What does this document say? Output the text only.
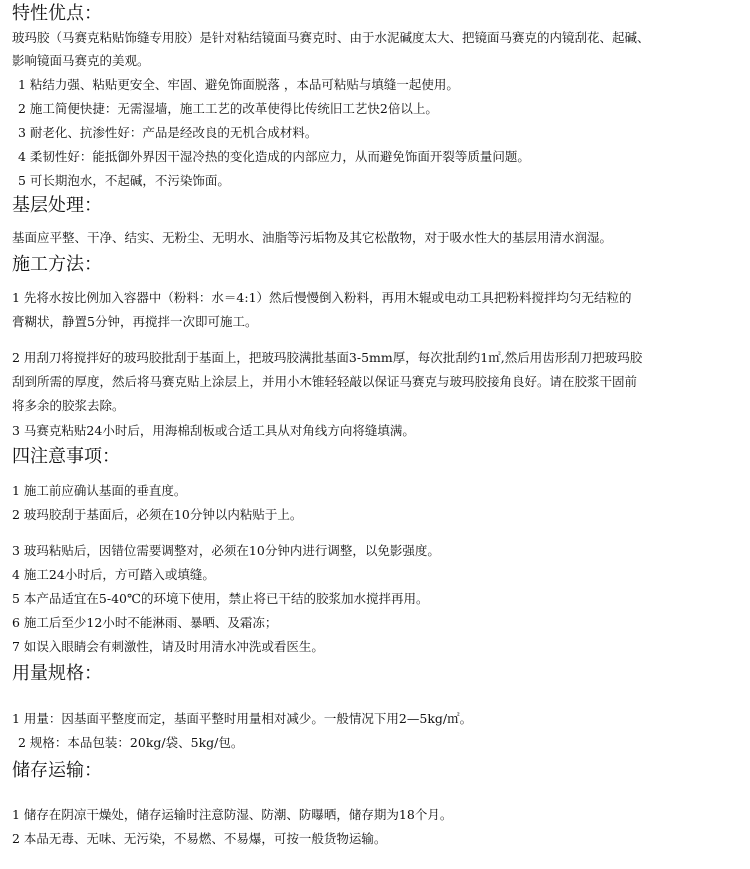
特性优点：
玻玛胶（马赛克粘贴饰缝专用胶）是针对粘结镜面马赛克时、由于水泥碱度太大、把镜面马赛克的内镜刮花、起碱、
影响镜面马赛克的美观。
1 粘结力强、粘贴更安全、牢固、避免饰面脱落 ，本品可粘贴与填缝一起使用。
2 施工简便快捷：无需湿墙，施工工艺的改革使得比传统旧工艺快2倍以上。
3 耐老化、抗渗性好：产品是经改良的无机合成材料。
4 柔韧性好：能抵御外界因干湿冷热的变化造成的内部应力，从而避免饰面开裂等质量问题。
5 可长期泡水，不起碱，不污染饰面。
基层处理：
基面应平整、干净、结实、无粉尘、无明水、油脂等污垢物及其它松散物，对于吸水性大的基层用清水润湿。
施工方法：
1 先将水按比例加入容器中（粉料：水＝4:1）然后慢慢倒入粉料，再用木辊或电动工具把粉料搅拌均匀无结粒的
膏糊状，静置5分钟，再搅拌一次即可施工。
2 用刮刀将搅拌好的玻玛胶批刮于基面上，把玻玛胶满批基面3-5mm厚，每次批刮约1㎡,然后用齿形刮刀把玻玛胶
刮到所需的厚度，然后将马赛克贴上涂层上，并用小木锥轻轻敲以保证马赛克与玻玛胶接角良好。请在胶浆干固前
将多余的胶浆去除。
3 马赛克粘贴24小时后，用海棉刮板或合适工具从对角线方向将缝填满。
四注意事项：
1 施工前应确认基面的垂直度。
2 玻玛胶刮于基面后，必须在10分钟以内粘贴于上。
3 玻玛粘贴后，因错位需要调整对，必须在10分钟内进行调整，以免影强度。
4 施工24小时后，方可踏入或填缝。
5 本产品适宜在5-40℃的环境下使用，禁止将已干结的胶浆加水搅拌再用。
6 施工后至少12小时不能淋雨、暴晒、及霜冻；
7 如误入眼睛会有刺激性，请及时用清水冲洗或看医生。
用量规格：
1 用量：因基面平整度而定，基面平整时用量相对减少。一般情况下用2—5kg/㎡。
2 规格：本品包装：20kg/袋、5kg/包。
储存运输：
1 储存在阴凉干燥处，储存运输时注意防湿、防潮、防曝晒，储存期为18个月。
2 本品无毒、无味、无污染，不易燃、不易爆，可按一般货物运输。
